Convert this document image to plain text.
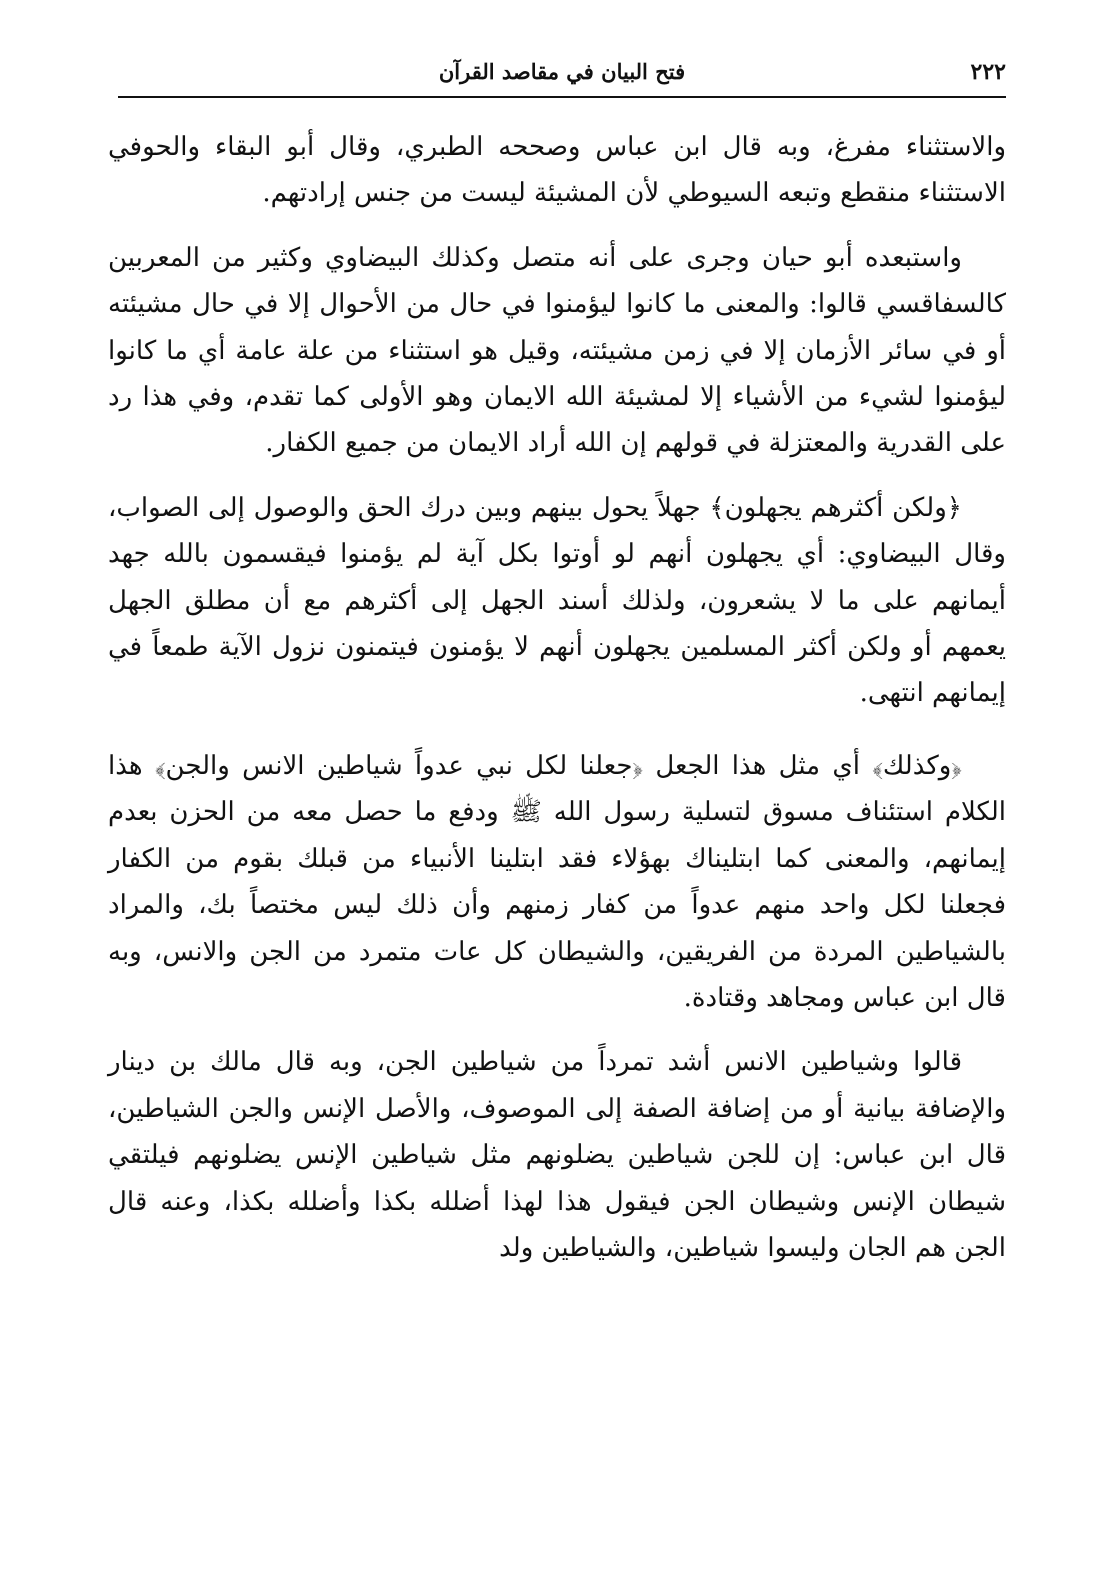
٢٢٢
فتح البيان في مقاصد القرآن

والاستثناء مفرغ، وبه قال ابن عباس وصححه الطبري، وقال أبو البقاء والحوفي الاستثناء منقطع وتبعه السيوطي لأن المشيئة ليست من جنس إرادتهم.

واستبعده أبو حيان وجرى على أنه متصل وكذلك البيضاوي وكثير من المعربين كالسفاقسي قالوا: والمعنى ما كانوا ليؤمنوا في حال من الأحوال إلا في حال مشيئته أو في سائر الأزمان إلا في زمن مشيئته، وقيل هو استثناء من علة عامة أي ما كانوا ليؤمنوا لشيء من الأشياء إلا لمشيئة الله الايمان وهو الأولى كما تقدم، وفي هذا رد على القدرية والمعتزلة في قولهم إن الله أراد الايمان من جميع الكفار.

﴿ولكن أكثرهم يجهلون﴾ جهلاً يحول بينهم وبين درك الحق والوصول إلى الصواب، وقال البيضاوي: أي يجهلون أنهم لو أوتوا بكل آية لم يؤمنوا فيقسمون بالله جهد أيمانهم على ما لا يشعرون، ولذلك أسند الجهل إلى أكثرهم مع أن مطلق الجهل يعمهم أو ولكن أكثر المسلمين يجهلون أنهم لا يؤمنون فيتمنون نزول الآية طمعاً في إيمانهم انتهى.

﴿وكذلك﴾ أي مثل هذا الجعل ﴿جعلنا لكل نبي عدواً شياطين الانس والجن﴾ هذا الكلام استئناف مسوق لتسلية رسول الله ﷺ ودفع ما حصل معه من الحزن بعدم إيمانهم، والمعنى كما ابتليناك بهؤلاء فقد ابتلينا الأنبياء من قبلك بقوم من الكفار فجعلنا لكل واحد منهم عدواً من كفار زمنهم وأن ذلك ليس مختصاً بك، والمراد بالشياطين المردة من الفريقين، والشيطان كل عات متمرد من الجن والانس، وبه قال ابن عباس ومجاهد وقتادة.

قالوا وشياطين الانس أشد تمرداً من شياطين الجن، وبه قال مالك بن دينار والإضافة بيانية أو من إضافة الصفة إلى الموصوف، والأصل الإنس والجن الشياطين، قال ابن عباس: إن للجن شياطين يضلونهم مثل شياطين الإنس يضلونهم فيلتقي شيطان الإنس وشيطان الجن فيقول هذا لهذا أضلله بكذا وأضلله بكذا، وعنه قال الجن هم الجان وليسوا شياطين، والشياطين ولد
